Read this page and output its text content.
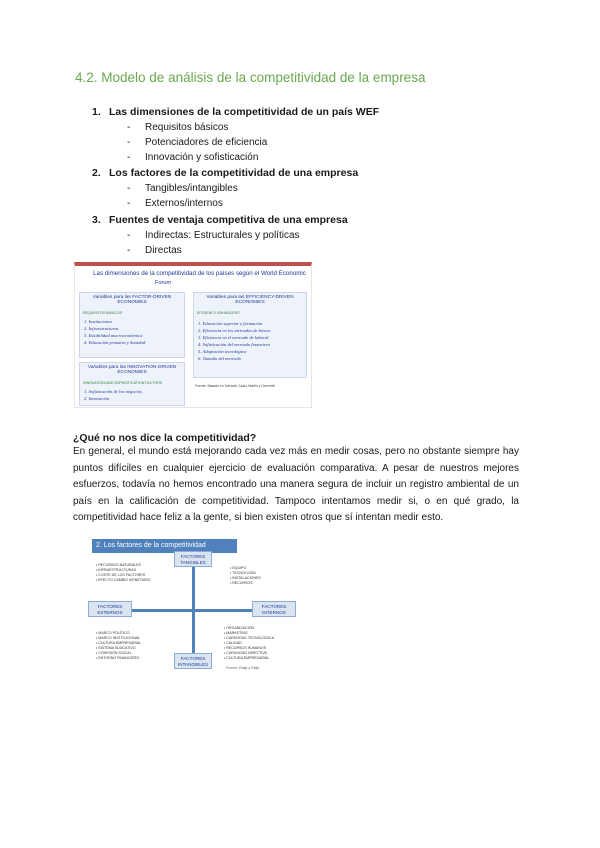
4.2. Modelo de análisis de la competitividad de la empresa
1. Las dimensiones de la competitividad de un país WEF
- Requisitos básicos
- Potenciadores de eficiencia
- Innovación y sofisticación
2. Los factores de la competitividad de una empresa
- Tangibles/intangibles
- Externos/internos
3. Fuentes de ventaja competitiva de una empresa
- Indirectas: Estructurales y políticas
- Directas
Las dimensiones de la competitividad de los países según el World Economic
Forum
Variables para las FACTOR-DRIVEN ECONOMIES
REQUISITOS BÁSICOS
1. Instituciones
2. Infraestructuras
3. Estabilidad macroeconómica
4. Educación primaria y Sanidad
Variables para las EFFICIENCY-DRIVEN ECONOMIES
EFICIENCY ENHANCERS
1. Educación superior y formación
2. Eficiencia en los mercados de bienes
3. Eficiencia en el mercado de laboral
4. Sofisticación del mercado financiero
5. Adaptación tecnológica
6. Tamaño del mercado
Variables para las INNOVATION-DRIVEN ECONOMIES
INNOVATION AND SOPHISTICATION FACTORS
1. Sofisticación de los negocios
2. Innovación
Fuente: Basado en Schwab, Sala-i-Martin y Greenhill
¿Qué no nos dice la competitividad?
En general, el mundo está mejorando cada vez más en medir cosas, pero no obstante siempre hay puntos difíciles en cualquier ejercicio de evaluación comparativa. A pesar de nuestros mejores esfuerzos, todavía no hemos encontrado una manera segura de incluir un registro ambiental de un país en la calificación de competitividad. Tampoco intentamos medir si, o en qué grado, la competitividad hace feliz a la gente, si bien existen otros que sí intentan medir esto.
2. Los factores de la competitividad
FACTORES TANGIBLES
FACTORES EXTERNOS
FACTORES INTERNOS
FACTORES INTANGIBLES
• RECURSOS NATURALES
• INFRAESTRUCTURAS
• COSTE DE LOS FACTORES
• EFECTO CAMBIO MONETARIO
• EQUIPO
• TECNOLOGÍA
• INSTALACIONES
• RECURSOS
• MARCO POLÍTICO
• MARCO INSTITUCIONAL
• CULTURA EMPRESARIAL
• SISTEMA EDUCATIVO
• COHESIÓN SOCIAL
• ENTORNO FINANCIERO
• ORGANIZACIÓN
• MARKETING
• CAPACIDAD TECNOLÓGICA
• CALIDAD
• RECURSOS HUMANOS
• CAPACIDAD DIRECTIVA
• CULTURA EMPRESARIAL
Fuente: Rialp y Rialp
